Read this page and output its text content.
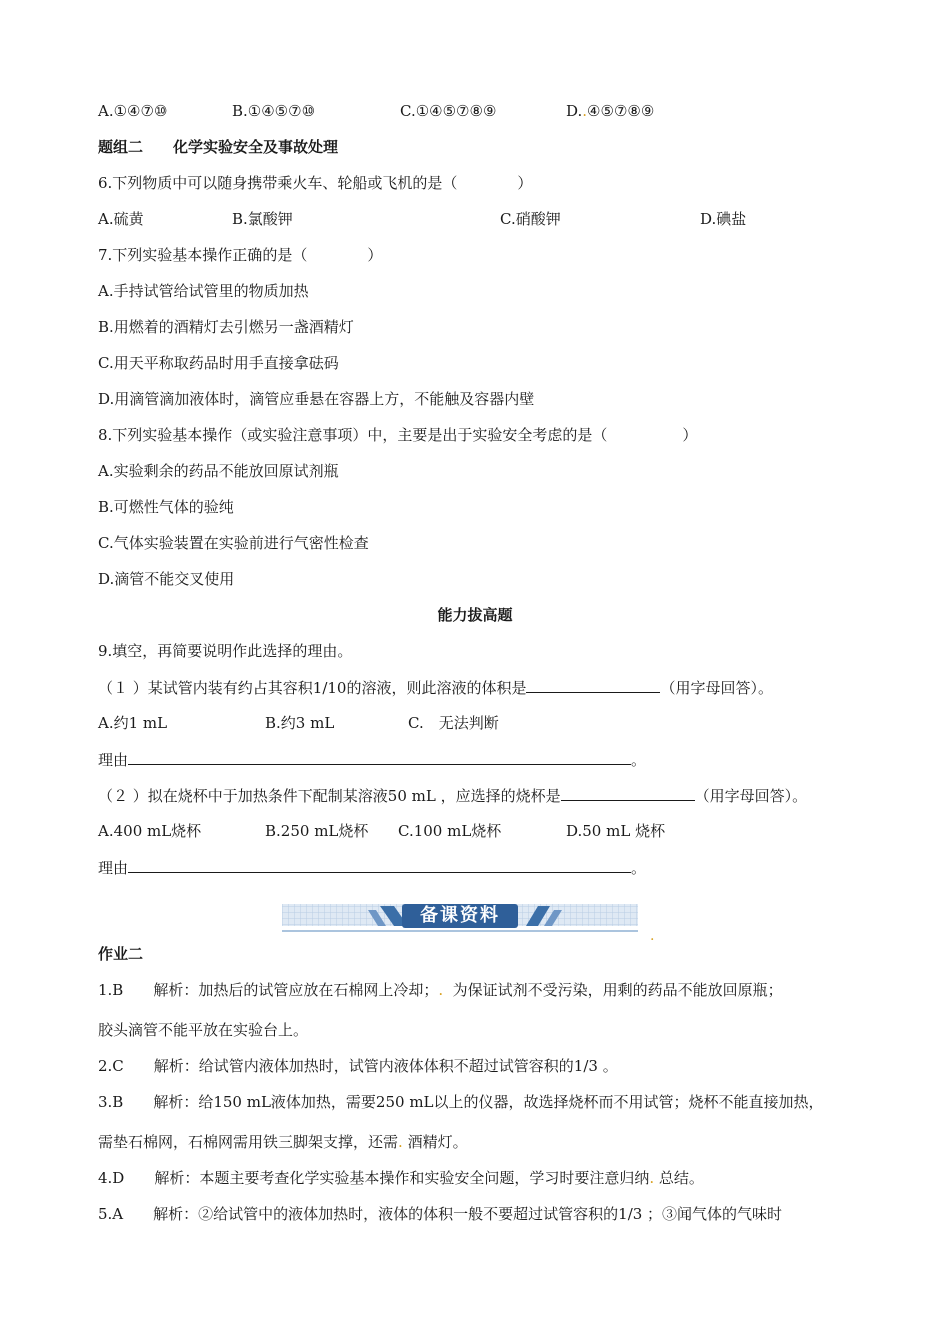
A.①④⑦⑩	B.①④⑤⑦⑩	C.①④⑤⑦⑧⑨	D..④⑤⑦⑧⑨
题组二　　化学实验安全及事故处理
6.下列物质中可以随身携带乘火车、轮船或飞机的是（　　　　）
A.硫黄	B.氯酸钾	C.硝酸钾	D.碘盐
7.下列实验基本操作正确的是（　　　　）
A.手持试管给试管里的物质加热
B.用燃着的酒精灯去引燃另一盏酒精灯
C.用天平称取药品时用手直接拿砝码
D.用滴管滴加液体时，滴管应垂悬在容器上方，不能触及容器内壁
8.下列实验基本操作（或实验注意事项）中，主要是出于实验安全考虑的是（　　　　　）
A.实验剩余的药品不能放回原试剂瓶
B.可燃性气体的验纯
C.气体实验装置在实验前进行气密性检查
D.滴管不能交叉使用
能力拔高题
9.填空，再简要说明作此选择的理由。
（１ ）某试管内装有约占其容积1/10的溶液，则此溶液的体积是	（用字母回答）。
A.约1 mL	B.约3 mL	C.　无法判断
理由	。
（２ ）拟在烧杯中于加热条件下配制某溶液50 mL ，应选择的烧杯是	（用字母回答）。
A.400 mL烧杯	B.250 mL烧杯 C.100 mL烧杯	D.50 mL 烧杯
理由	。
备课资料
.
作业二
1.B　　解析：加热后的试管应放在石棉网上冷却；. 为保证试剂不受污染，用剩的药品不能放回原瓶；
胶头滴管不能平放在实验台上。
2.C　　解析：给试管内液体加热时，试管内液体体积不超过试管容积的1/3 。
3.B　　解析：给150 mL液体加热，需要250 mL以上的仪器，故选择烧杯而不用试管；烧杯不能直接加热，
需垫石棉网，石棉网需用铁三脚架支撑，还需. 酒精灯。
4.D　　解析：本题主要考查化学实验基本操作和实验安全问题，学习时要注意归纳. 总结。
5.A　　解析：②给试管中的液体加热时，液体的体积一般不要超过试管容积的1/3 ；③闻气体的气味时
